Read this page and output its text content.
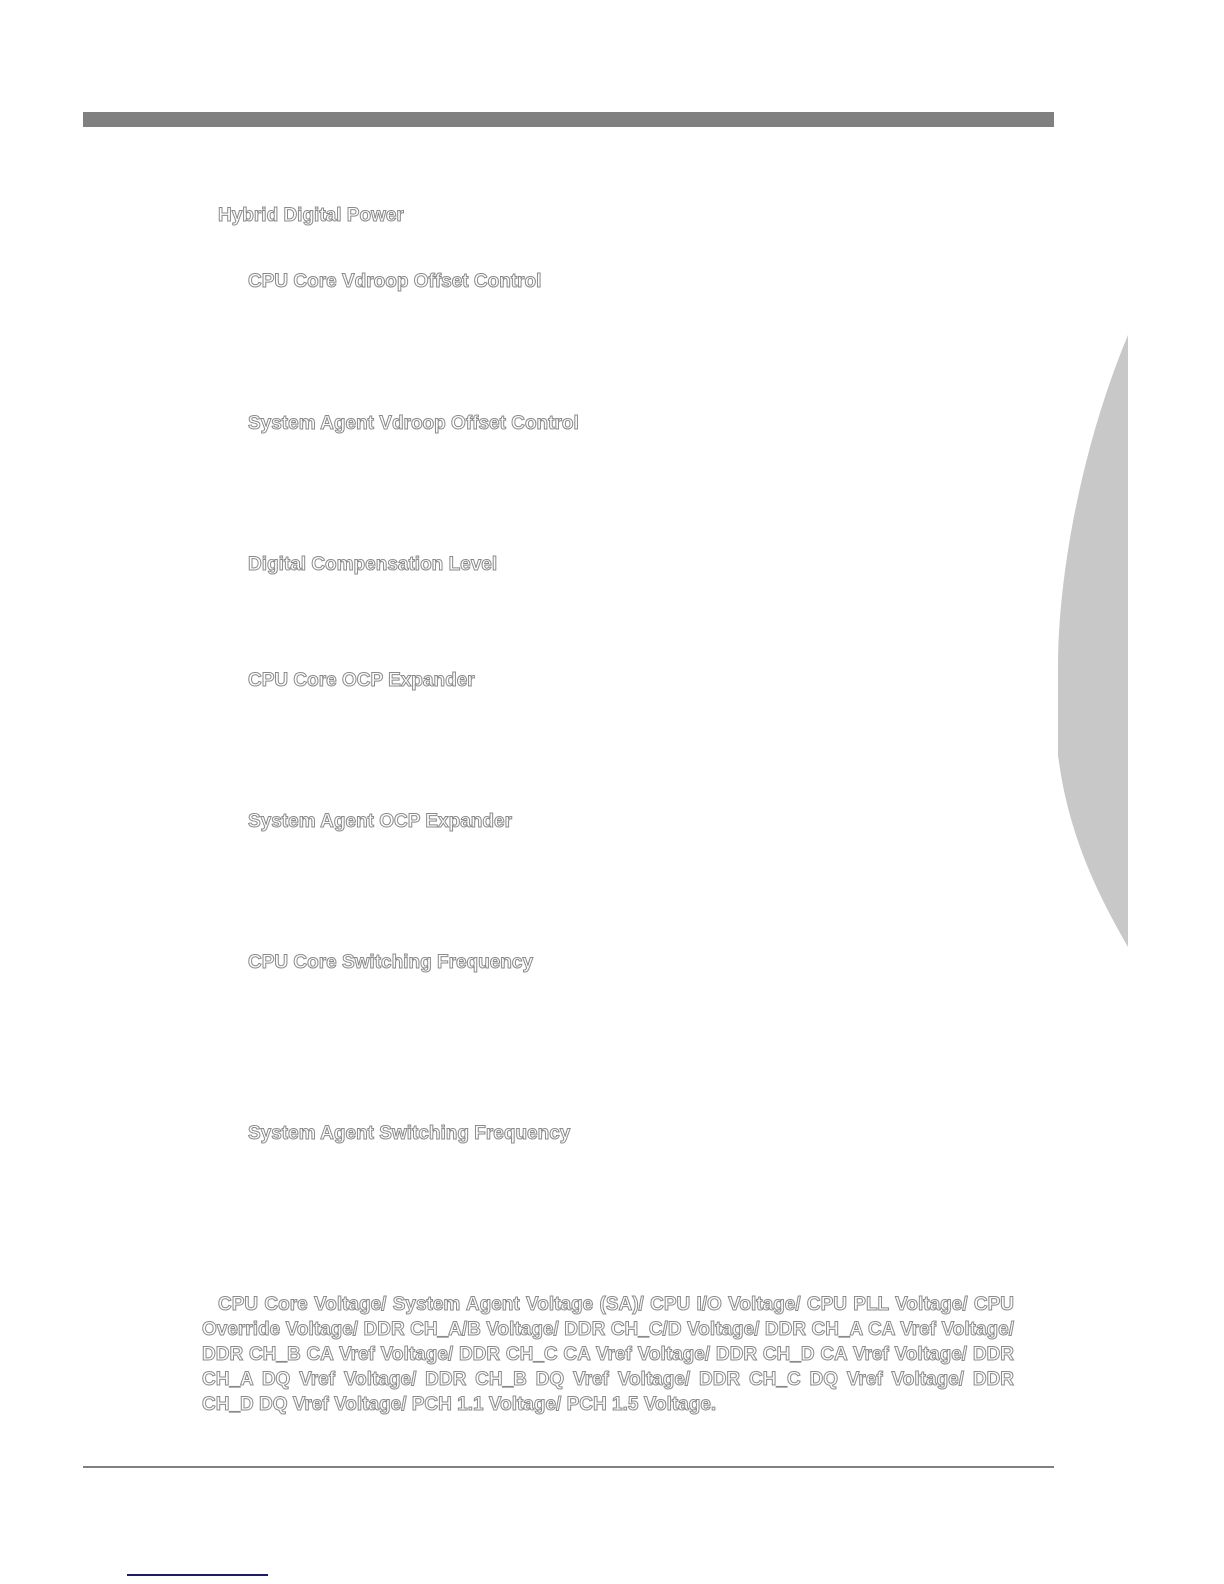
Hybrid Digital Power
CPU Core Vdroop Offset Control
System Agent Vdroop Offset Control
Digital Compensation Level
CPU Core OCP Expander
System Agent OCP Expander
CPU Core Switching Frequency
System Agent Switching Frequency
CPU Core Voltage/ System Agent Voltage (SA)/ CPU I/O Voltage/ CPU PLL Voltage/ CPU Override Voltage/ DDR CH_A/B Voltage/ DDR CH_C/D Voltage/ DDR CH_A CA Vref Voltage/ DDR CH_B CA Vref Voltage/ DDR CH_C CA Vref Voltage/ DDR CH_D CA Vref Voltage/ DDR CH_A DQ Vref Voltage/ DDR CH_B DQ Vref Voltage/ DDR CH_C DQ Vref Voltage/ DDR CH_D DQ Vref Voltage/ PCH 1.1 Voltage/ PCH 1.5 Voltage.
